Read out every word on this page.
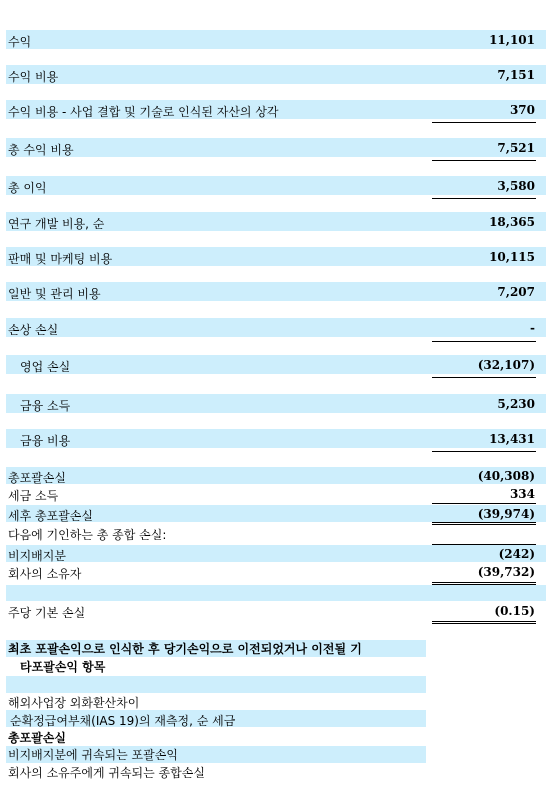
수익	11,101
수익 비용	7,151
수익 비용 - 사업 결합 및 기술로 인식된 자산의 상각	370
총 수익 비용	7,521
총 이익	3,580
연구 개발 비용, 순	18,365
판매 및 마케팅 비용	10,115
일반 및 관리 비용	7,207
손상 손실	-
영업 손실	(32,107)
금융 소득	5,230
금융 비용	13,431
총포괄손실	(40,308)
세금 소득	334
세후 총포괄손실	(39,974)
다음에 기인하는 총 종합 손실:
비지배지분	(242)
회사의 소유자	(39,732)
주당 기본 손실	(0.15)
최초 포괄손익으로 인식한 후 당기손익으로 이전되었거나 이전될 기
타포괄손익 항목
해외사업장 외화환산차이
순확정급여부채(IAS 19)의 재측정, 순 세금
총포괄손실
비지배지분에 귀속되는 포괄손익
회사의 소유주에게 귀속되는 종합손실
